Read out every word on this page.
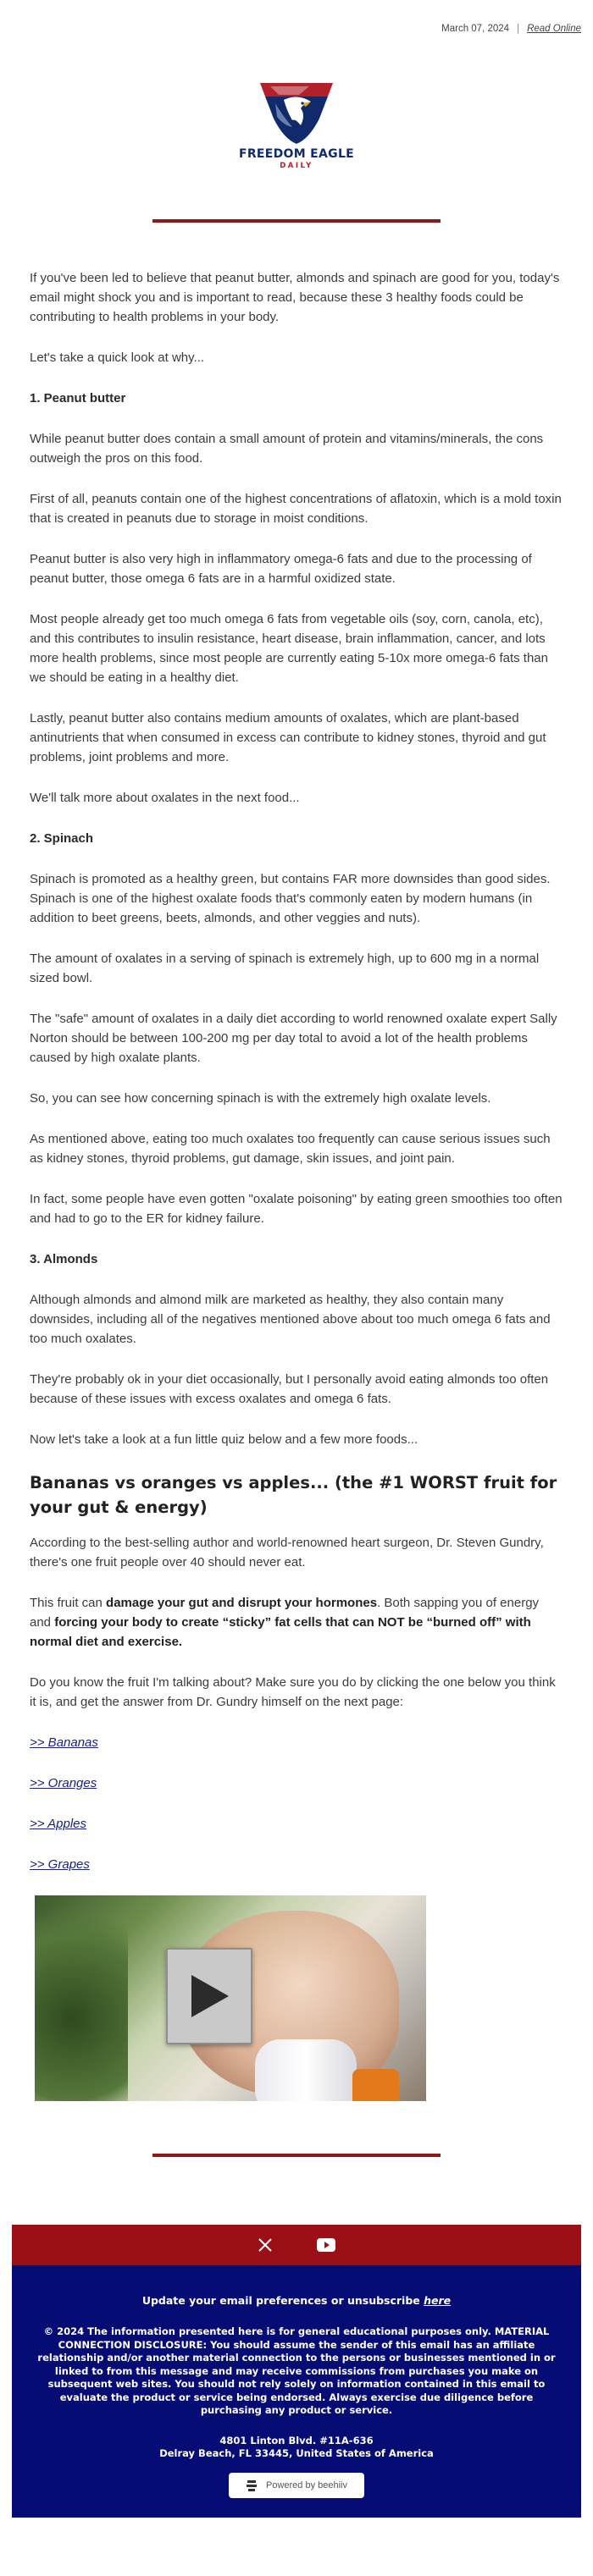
March 07, 2024 | Read Online
FREEDOM EAGLE
DAILY

If you've been led to believe that peanut butter, almonds and spinach are good for you, today's email might shock you and is important to read, because these 3 healthy foods could be contributing to health problems in your body.

Let's take a quick look at why...

1. Peanut butter

While peanut butter does contain a small amount of protein and vitamins/minerals, the cons outweigh the pros on this food.

First of all, peanuts contain one of the highest concentrations of aflatoxin, which is a mold toxin that is created in peanuts due to storage in moist conditions.

Peanut butter is also very high in inflammatory omega-6 fats and due to the processing of peanut butter, those omega 6 fats are in a harmful oxidized state.

Most people already get too much omega 6 fats from vegetable oils (soy, corn, canola, etc), and this contributes to insulin resistance, heart disease, brain inflammation, cancer, and lots more health problems, since most people are currently eating 5-10x more omega-6 fats than we should be eating in a healthy diet.

Lastly, peanut butter also contains medium amounts of oxalates, which are plant-based antinutrients that when consumed in excess can contribute to kidney stones, thyroid and gut problems, joint problems and more.

We'll talk more about oxalates in the next food...

2. Spinach

Spinach is promoted as a healthy green, but contains FAR more downsides than good sides. Spinach is one of the highest oxalate foods that's commonly eaten by modern humans (in addition to beet greens, beets, almonds, and other veggies and nuts).

The amount of oxalates in a serving of spinach is extremely high, up to 600 mg in a normal sized bowl.

The "safe" amount of oxalates in a daily diet according to world renowned oxalate expert Sally Norton should be between 100-200 mg per day total to avoid a lot of the health problems caused by high oxalate plants.

So, you can see how concerning spinach is with the extremely high oxalate levels.

As mentioned above, eating too much oxalates too frequently can cause serious issues such as kidney stones, thyroid problems, gut damage, skin issues, and joint pain.

In fact, some people have even gotten "oxalate poisoning" by eating green smoothies too often and had to go to the ER for kidney failure.

3. Almonds

Although almonds and almond milk are marketed as healthy, they also contain many downsides, including all of the negatives mentioned above about too much omega 6 fats and too much oxalates.

They're probably ok in your diet occasionally, but I personally avoid eating almonds too often because of these issues with excess oxalates and omega 6 fats.

Now let's take a look at a fun little quiz below and a few more foods...

Bananas vs oranges vs apples... (the #1 WORST fruit for your gut & energy)

According to the best-selling author and world-renowned heart surgeon, Dr. Steven Gundry, there's one fruit people over 40 should never eat.

This fruit can damage your gut and disrupt your hormones. Both sapping you of energy and forcing your body to create “sticky” fat cells that can NOT be “burned off” with normal diet and exercise.

Do you know the fruit I'm talking about? Make sure you do by clicking the one below you think it is, and get the answer from Dr. Gundry himself on the next page:

>> Bananas

>> Oranges

>> Apples

>> Grapes

Update your email preferences or unsubscribe here
© 2024 The information presented here is for general educational purposes only. MATERIAL CONNECTION DISCLOSURE: You should assume the sender of this email has an affiliate relationship and/or another material connection to the persons or businesses mentioned in or linked to from this message and may receive commissions from purchases you make on subsequent web sites. You should not rely solely on information contained in this email to evaluate the product or service being endorsed. Always exercise due diligence before purchasing any product or service.
4801 Linton Blvd. #11A-636
Delray Beach, FL 33445, United States of America
Powered by beehiiv
